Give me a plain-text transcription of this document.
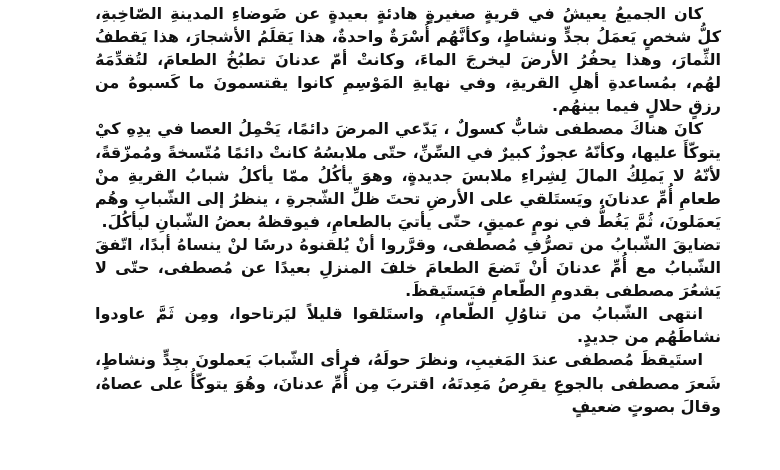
كان الجميعُ يعيشُ في قريةٍ صغيرةٍ هادئةٍ بعيدةٍ عن ضَوضاءِ المدينةِ الصّاخِبةِ، كلُّ شخصٍ يَعمَلُ بجدٍّ ونشاطٍ، وكأنَّهُم أُسْرَةٌ واحدةٌ، هذا يَقلَمُ الأشجارَ، هذا يَقطفُ الثِّمارَ، وهذا يحفُرُ الأرضَ ليخرجَ الماءَ، وكانتْ أمّ عدنانَ تطبُخُ الطعامَ، لتُقدِّمَهُ لهُم، بمُساعدةِ أهلِ القريةِ، وفي نهايةِ المَوْسِمِ كانوا يقتسمونَ ما كَسبوهُ من رزقٍ حلالٍ فيما بينهُم.

كانَ هناكَ مصطفى شابٌّ كسولٌ ، يَدّعي المرضَ دائمًا، يَحْمِلُ العصا في يدِهِ كيْ يتوكّأَ عليها، وكأنّهُ عجوزٌ كبيرٌ في السِّنِّ، حتّى ملابسُهُ كانتْ دائمًا مُتّسخةً ومُمزّقةً، لأنّهُ لا يَملِكُ المالَ لِشِراءِ ملابسَ جديدةٍ، وهوَ يأكُلُ ممّا يأكلُ شبابُ القريةِ منْ طعامِ أُمِّ عدنانَ، ويَستَلقي على الأرضِ تحتَ ظلِّ الشّجرةِ ، ينظرُ إلى الشّبابِ وهُم يَعمَلونَ، ثُمَّ يَغُطُّ في نومٍ عميقٍ، حتّى يأتيَ بالطعامِ، فيوقظهُ بعضُ الشّبانِ ليأكُلَ.

تضايقَ الشّبابُ من تصرُّفِ مُصطفى، وقرَّروا أنْ يُلقنوهُ درسًا لنْ ينساهُ أبدًا، اتّفقَ الشّبابُ مع أُمِّ عدنانَ أنْ تَضعَ الطعامَ خلفَ المنزلِ بعيدًا عن مُصطفى، حتّى لا يَشعُرَ مصطفى بقدومِ الطّعامِ فيَستَيقظَ.

انتهى الشّبابُ من تناوُلِ الطّعامِ، واستَلقوا قليلاً ليَرتاحوا، ومِن ثَمَّ عاودوا نشاطَهُم من جديدٍ.

استَيقظَ مُصطفى عندَ المَغيبِ، ونظرَ حولَهُ، فرأى الشّبابَ يَعملونَ بجِدٍّ ونشاطٍ، شَعرَ مصطفى بالجوعِ يقرِصُ مَعِدتَهُ، اقتربَ مِن أُمِّ عدنانَ، وهُوَ يتوكّأُ على عصاهُ، وقالَ بصوتٍ ضعيفٍ
